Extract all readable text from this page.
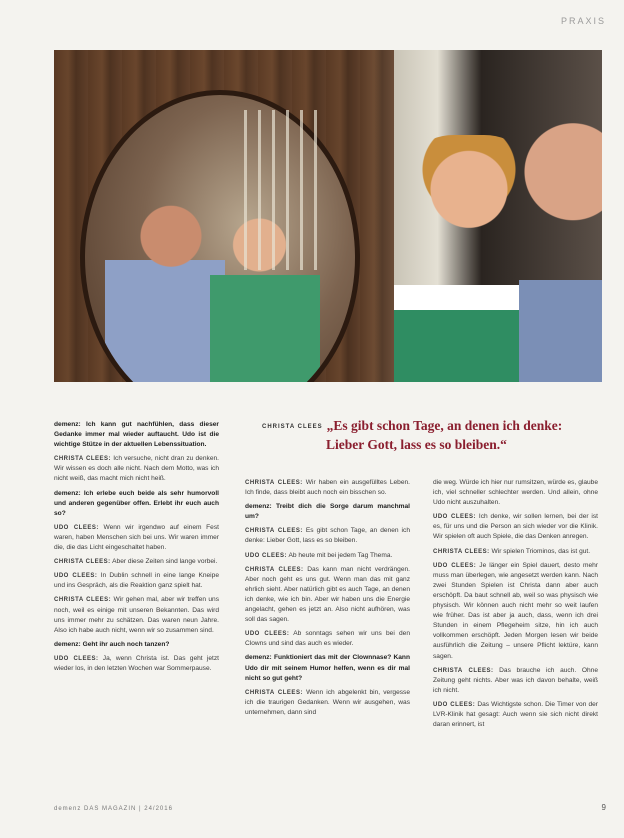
PRAXIS
CHRISTA CLEES „Es gibt schon Tage, an denen ich denke:
Lieber Gott, lass es so bleiben.“

demenz: Ich kann gut nachfühlen, dass dieser Gedanke immer mal wieder auftaucht. Udo ist die wichtige Stütze in der aktuellen Lebenssituation.

CHRISTA CLEES: Ich versuche, nicht dran zu denken. Wir wissen es doch alle nicht. Nach dem Motto, was ich nicht weiß, das macht mich nicht heiß.

demenz: Ich erlebe euch beide als sehr humorvoll und anderen gegenüber offen. Erlebt ihr euch auch so?

UDO CLEES: Wenn wir irgendwo auf einem Fest waren, haben Menschen sich bei uns. Wir waren immer die, die das Licht eingeschaltet haben.

CHRISTA CLEES: Aber diese Zeiten sind lange vorbei.

UDO CLEES: In Dublin schnell in eine lange Kneipe und ins Gespräch, als die Reaktion ganz spielt hat.

CHRISTA CLEES: Wir gehen mal, aber wir treffen uns noch, weil es einige mit unseren Bekannten. Das wird uns immer mehr zu schätzen. Das waren neun Jahre. Also ich habe auch nicht, wenn wir so zusammen sind.

demenz: Geht ihr auch noch tanzen?

UDO CLEES: Ja, wenn Christa ist. Das geht jetzt wieder los, in den letzten Wochen war Sommerpause.

CHRISTA CLEES: Wir haben ein ausgefülltes Leben. Ich finde, dass bleibt auch noch ein bisschen so.

demenz: Treibt dich die Sorge darum manchmal um?

CHRISTA CLEES: Es gibt schon Tage, an denen ich denke: Lieber Gott, lass es so bleiben.

UDO CLEES: Ab heute mit bei jedem Tag Thema.

CHRISTA CLEES: Das kann man nicht verdrängen. Aber noch geht es uns gut. Wenn man das mit ganz ehrlich sieht. Aber natürlich gibt es auch Tage, an denen ich denke, wie ich bin. Aber wir haben uns die Energie angelacht, gehen es jetzt an. Also nicht aufhören, was soll das sagen.

UDO CLEES: Ab sonntags sehen wir uns bei den Clowns und sind das auch es wieder.

demenz: Funktioniert das mit der Clownnase? Kann Udo dir mit seinem Humor helfen, wenn es dir mal nicht so gut geht?

CHRISTA CLEES: Wenn ich abgelenkt bin, vergesse ich die traurigen Gedanken. Wenn wir ausgehen, was unternehmen, dann sind

die weg. Würde ich hier nur rumsitzen, würde es, glaube ich, viel schneller schlechter werden. Und allein, ohne Udo nicht auszuhalten.

UDO CLEES: Ich denke, wir sollen lernen, bei der ist es, für uns und die Person an sich wieder vor die Klinik. Wir spielen oft auch Spiele, die das Denken anregen.

CHRISTA CLEES: Wir spielen Triominos, das ist gut.

UDO CLEES: Je länger ein Spiel dauert, desto mehr muss man überlegen, wie angesetzt werden kann. Nach zwei Stunden Spielen ist Christa dann aber auch erschöpft. Da baut schnell ab, weil so was physisch wie physisch. Wir können auch nicht mehr so weit laufen wie früher. Das ist aber ja auch, dass, wenn ich drei Stunden in einem Pflegeheim sitze, hin ich auch vollkommen erschöpft. Jeden Morgen lesen wir beide ausführlich die Zeitung – unsere Pflicht lektüre, kann sagen.

CHRISTA CLEES: Das brauche ich auch. Ohne Zeitung geht nichts. Aber was ich davon behalte, weiß ich nicht.

UDO CLEES: Das Wichtigste schon. Die Timer von der LVR-Klinik hat gesagt: Auch wenn sie sich nicht direkt daran erinnert, ist

demenz DAS MAGAZIN | 24/2016	9
